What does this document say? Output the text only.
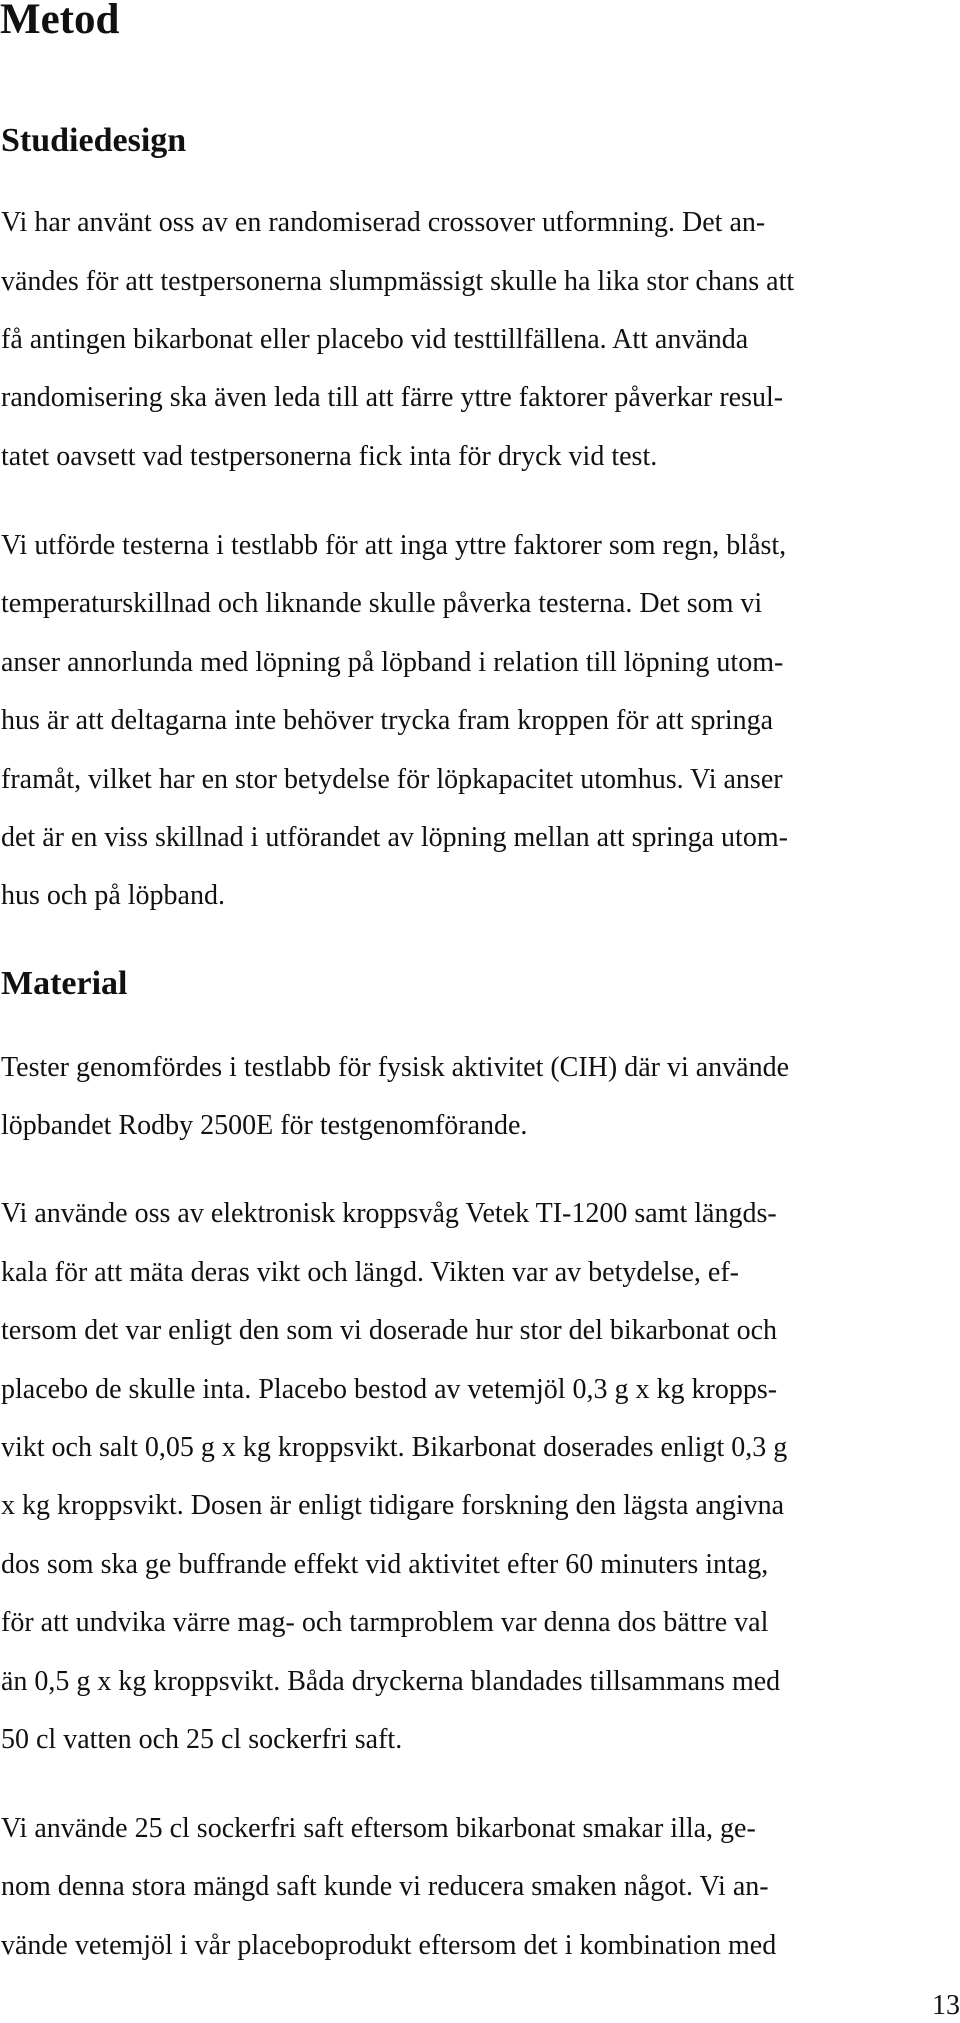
Metod
Studiedesign

Vi har använt oss av en randomiserad crossover utformning. Det an-

vändes för att testpersonerna slumpmässigt skulle ha lika stor chans att

få antingen bikarbonat eller placebo vid testtillfällena. Att använda

randomisering ska även leda till att färre yttre faktorer påverkar resul-

tatet oavsett vad testpersonerna fick inta för dryck vid test.

Vi utförde testerna i testlabb för att inga yttre faktorer som regn, blåst,

temperaturskillnad och liknande skulle påverka testerna. Det som vi

anser annorlunda med löpning på löpband i relation till löpning utom-

hus är att deltagarna inte behöver trycka fram kroppen för att springa

framåt, vilket har en stor betydelse för löpkapacitet utomhus. Vi anser

det är en viss skillnad i utförandet av löpning mellan att springa utom-

hus och på löpband.

Material

Tester genomfördes i testlabb för fysisk aktivitet (CIH) där vi använde

löpbandet Rodby 2500E för testgenomförande.

Vi använde oss av elektronisk kroppsvåg Vetek TI-1200 samt längds-

kala för att mäta deras vikt och längd. Vikten var av betydelse, ef-

tersom det var enligt den som vi doserade hur stor del bikarbonat och

placebo de skulle inta. Placebo bestod av vetemjöl 0,3 g x kg kropps-

vikt och salt 0,05 g x kg kroppsvikt. Bikarbonat doserades enligt 0,3 g

x kg kroppsvikt. Dosen är enligt tidigare forskning den lägsta angivna

dos som ska ge buffrande effekt vid aktivitet efter 60 minuters intag,

för att undvika värre mag- och tarmproblem var denna dos bättre val

än 0,5 g x kg kroppsvikt. Båda dryckerna blandades tillsammans med

50 cl vatten och 25 cl sockerfri saft.

Vi använde 25 cl sockerfri saft eftersom bikarbonat smakar illa, ge-

nom denna stora mängd saft kunde vi reducera smaken något. Vi an-

vände vetemjöl i vår placeboprodukt eftersom det i kombination med

13
